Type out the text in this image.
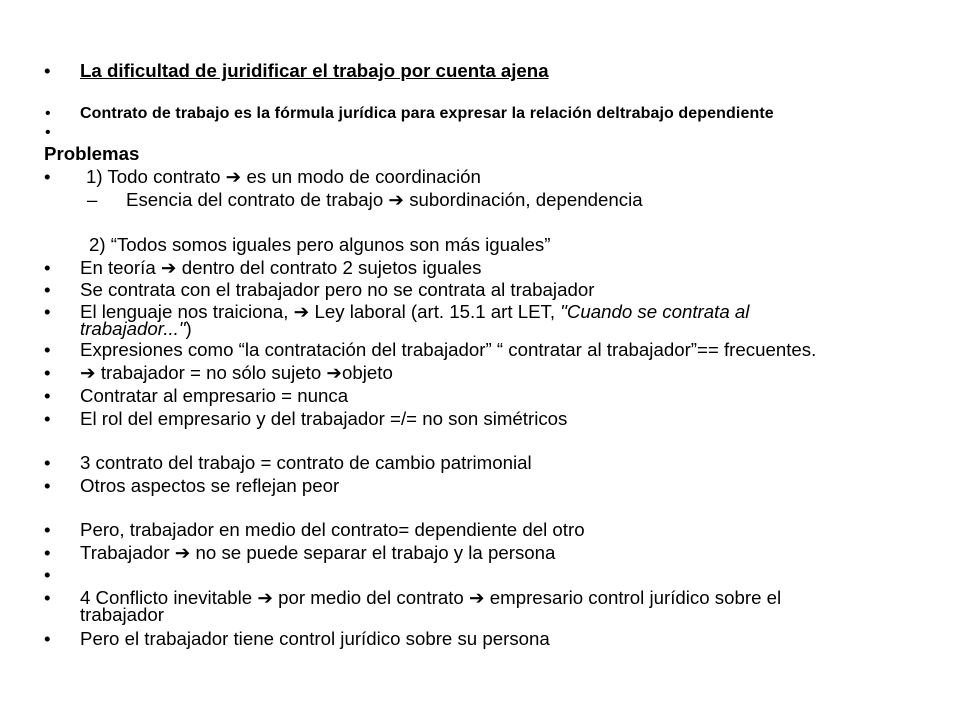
• La dificultad de juridificar el trabajo por cuenta ajena
• Contrato de trabajo es la fórmula jurídica para expresar la relación deltrabajo dependiente
•
Problemas
• 1) Todo contrato ➔ es un modo de coordinación
– Esencia del contrato de trabajo ➔ subordinación, dependencia
2) “Todos somos iguales pero algunos son más iguales”
• En teoría ➔ dentro del contrato 2 sujetos iguales
• Se contrata con el trabajador pero no se contrata al trabajador
• El lenguaje nos traiciona, ➔ Ley laboral (art. 15.1 art LET, "Cuando se contrata al
trabajador...")
• Expresiones como “la contratación del trabajador” “ contratar al trabajador”== frecuentes.
• ➔ trabajador = no sólo sujeto ➔objeto
• Contratar al empresario = nunca
• El rol del empresario y del trabajador =/= no son simétricos
• 3 contrato del trabajo = contrato de cambio patrimonial
• Otros aspectos se reflejan peor
• Pero, trabajador en medio del contrato= dependiente del otro
• Trabajador ➔ no se puede separar el trabajo y la persona
•
• 4 Conflicto inevitable ➔ por medio del contrato ➔ empresario control jurídico sobre el
trabajador
• Pero el trabajador tiene control jurídico sobre su persona
